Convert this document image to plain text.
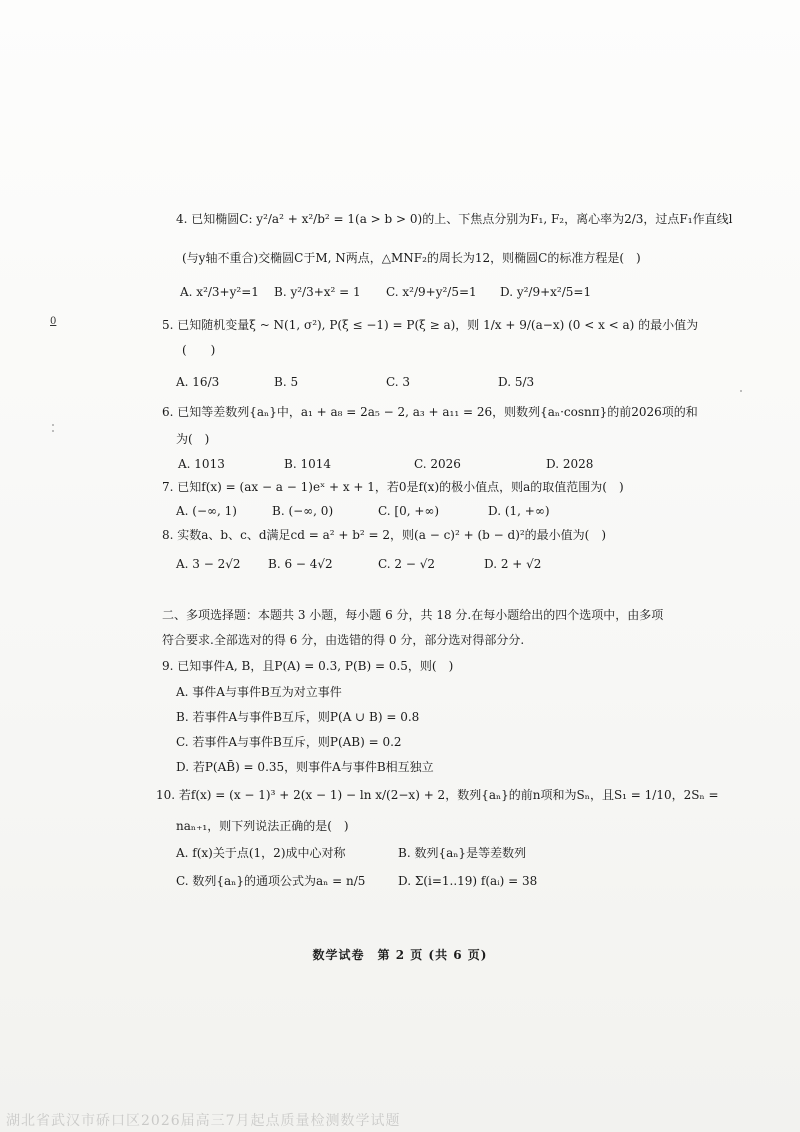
0
4. 已知椭圆C: y²/a² + x²/b² = 1(a > b > 0)的上、下焦点分别为F₁, F₂，离心率为2/3，过点F₁作直线l
(与y轴不重合)交椭圆C于M, N两点，△MNF₂的周长为12，则椭圆C的标准方程是(　)
A. x²/3+y²=1 B. y²/3+x² = 1 C. x²/9+y²/5=1 D. y²/9+x²/5=1
5. 已知随机变量ξ ~ N(1, σ²), P(ξ ≤ −1) = P(ξ ≥ a)，则 1/x + 9/(a−x) (0 < x < a) 的最小值为
(　　)
A. 16/3	B. 5	C. 3	D. 5/3
6. 已知等差数列{aₙ}中，a₁ + a₈ = 2a₅ − 2, a₃ + a₁₁ = 26，则数列{aₙ·cosnπ}的前2026项的和
为(　)
A. 1013	B. 1014	C. 2026	D. 2028
7. 已知f(x) = (ax − a − 1)eˣ + x + 1，若0是f(x)的极小值点，则a的取值范围为(　)
A. (−∞, 1)	B. (−∞, 0)	C. [0, +∞)	D. (1, +∞)
8. 实数a、b、c、d满足cd = a² + b² = 2，则(a − c)² + (b − d)²的最小值为(　)
A. 3 − 2√2 B. 6 − 4√2	C. 2 − √2	D. 2 + √2
二、多项选择题：本题共 3 小题，每小题 6 分，共 18 分.在每小题给出的四个选项中，由多项
符合要求.全部选对的得 6 分，由选错的得 0 分，部分选对得部分分.
9. 已知事件A, B，且P(A) = 0.3, P(B) = 0.5，则(　)
A. 事件A与事件B互为对立事件
B. 若事件A与事件B互斥，则P(A ∪ B) = 0.8
C. 若事件A与事件B互斥，则P(AB) = 0.2
D. 若P(AB̄) = 0.35，则事件A与事件B相互独立
10. 若f(x) = (x − 1)³ + 2(x − 1) − ln x/(2−x) + 2，数列{aₙ}的前n项和为Sₙ，且S₁ = 1/10，2Sₙ =
naₙ₊₁，则下列说法正确的是(　)
A. f(x)关于点(1，2)成中心对称	B. 数列{aₙ}是等差数列
C. 数列{aₙ}的通项公式为aₙ = n/5	D. Σ(i=1..19) f(aᵢ) = 38
数学试卷　第 2 页 (共 6 页)
湖北省武汉市硚口区2026届高三7月起点质量检测数学试题
